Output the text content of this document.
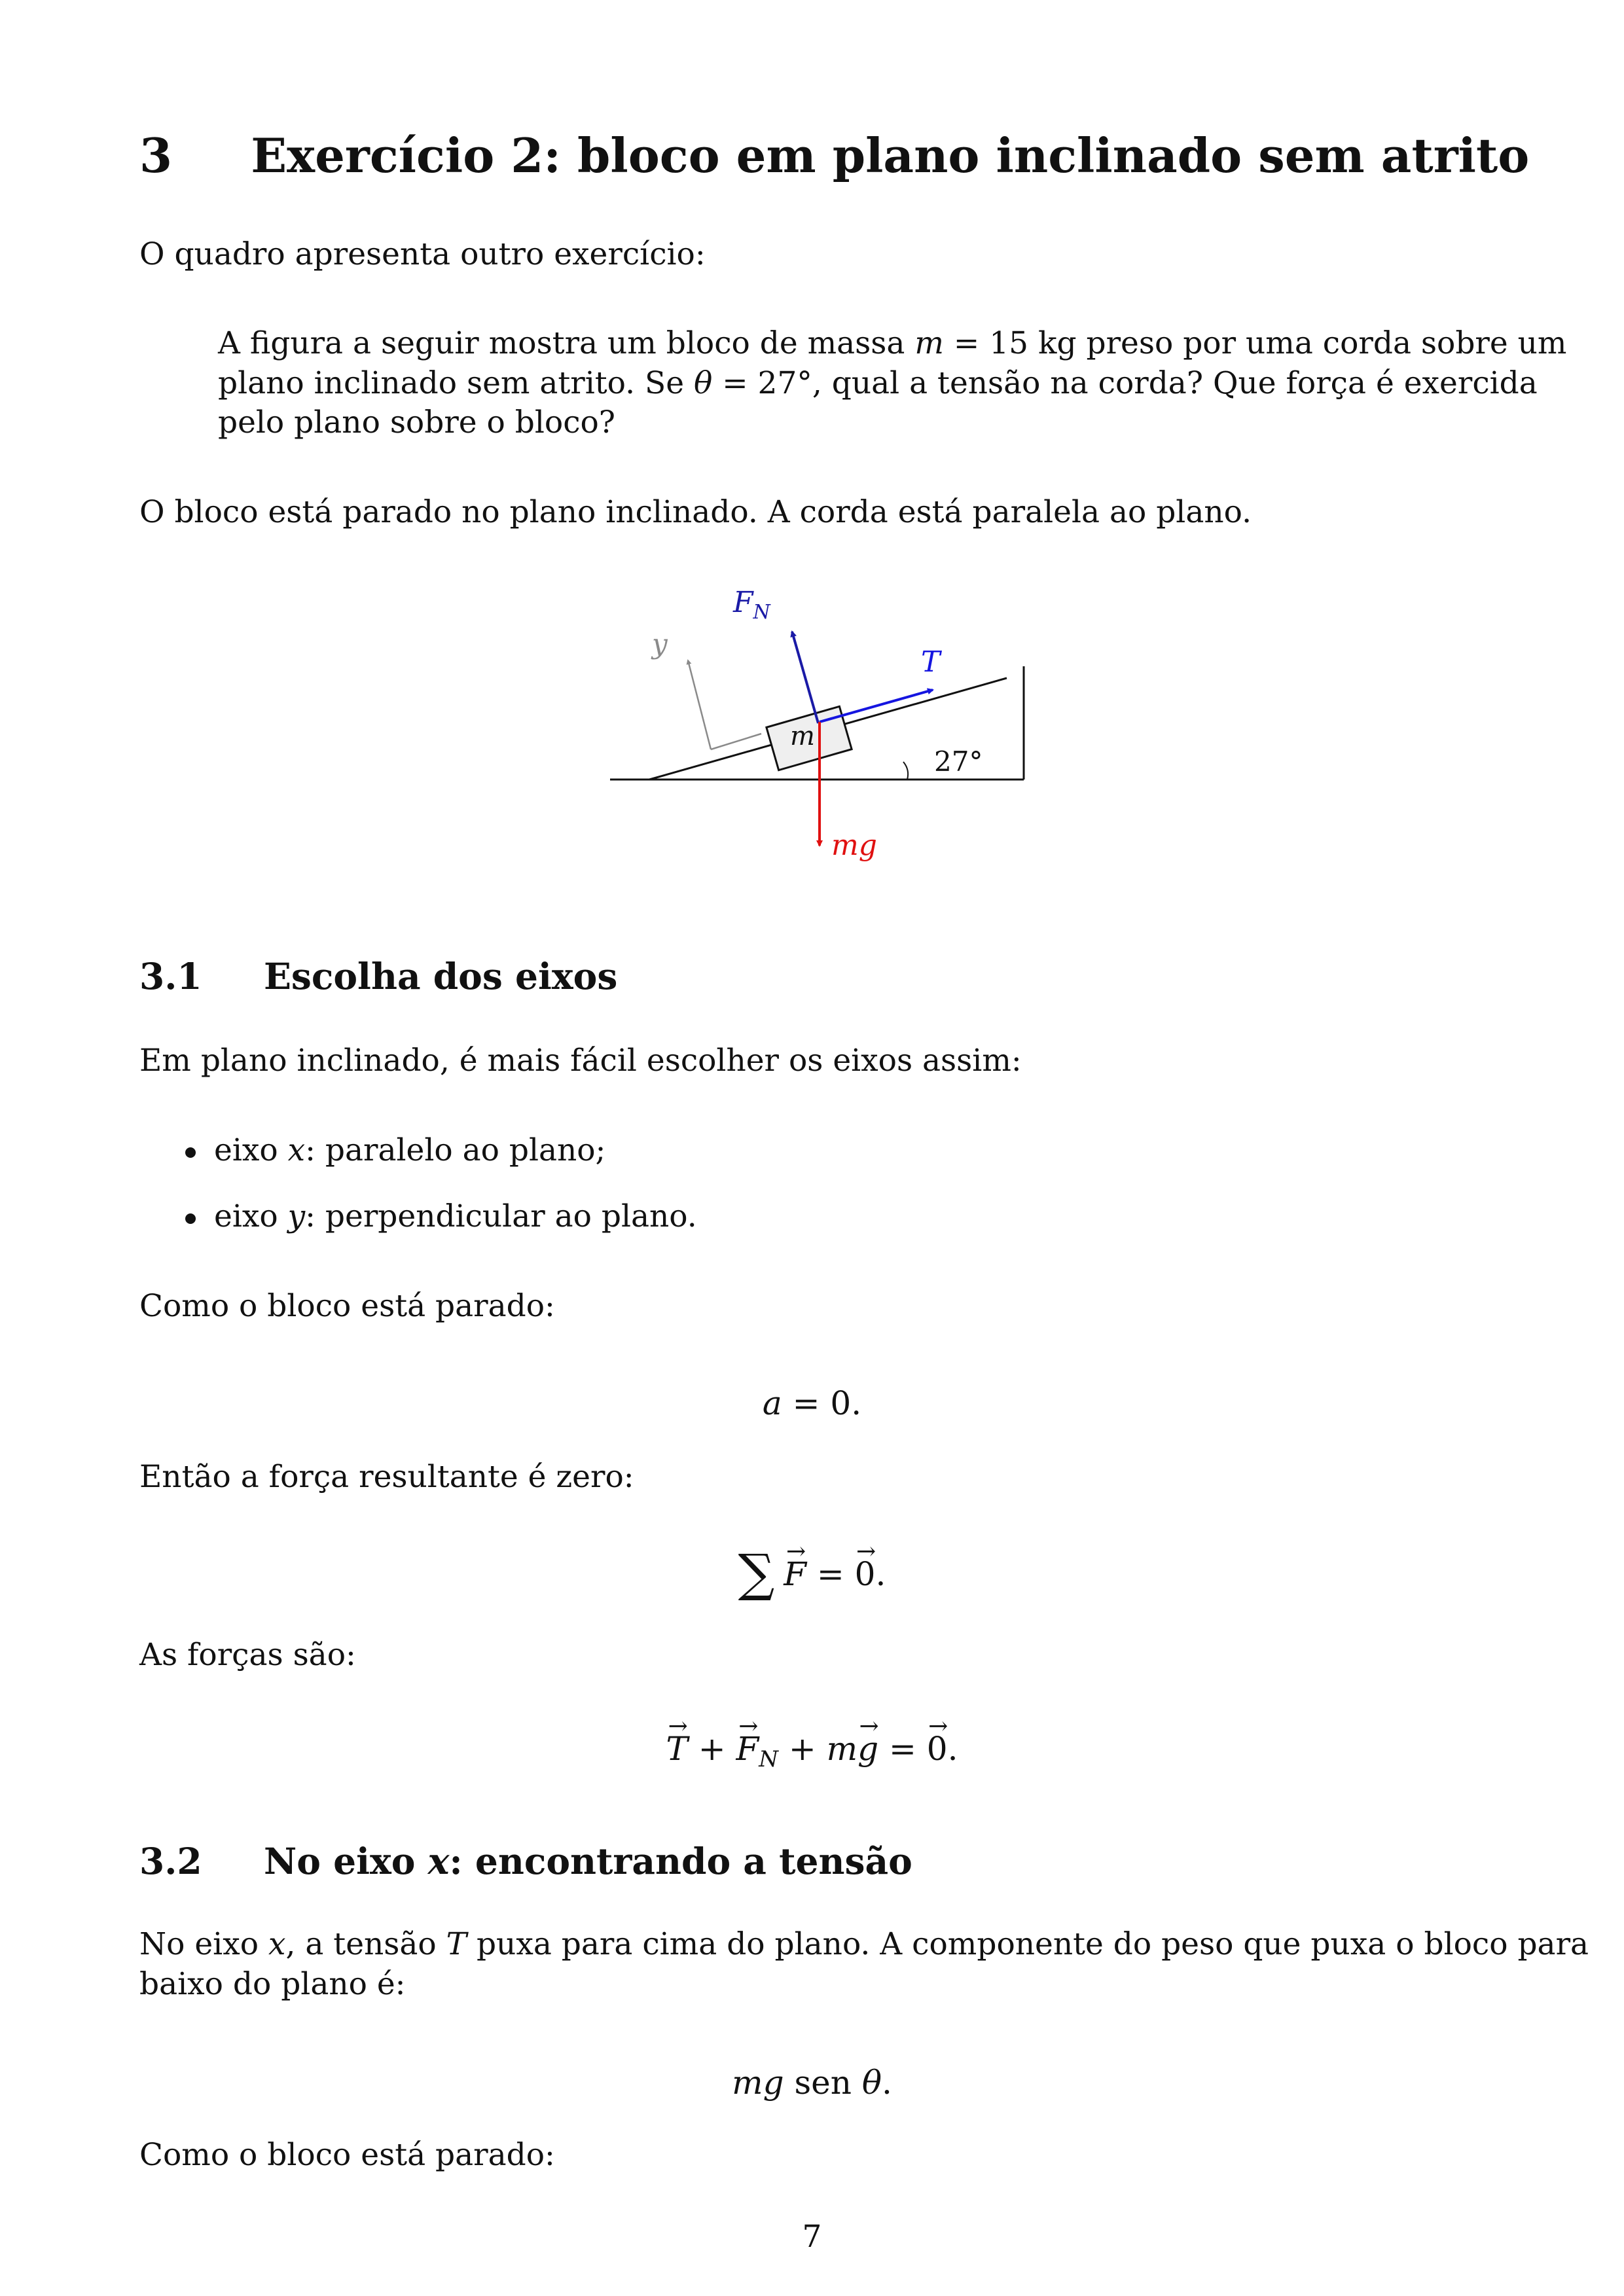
3 Exercício 2: bloco em plano inclinado sem atrito
O quadro apresenta outro exercício:
A figura a seguir mostra um bloco de massa m = 15 kg preso por uma corda sobre um
plano inclinado sem atrito. Se θ = 27°, qual a tensão na corda? Que força é exercida
pelo plano sobre o bloco?
O bloco está parado no plano inclinado. A corda está paralela ao plano.
27°
y
m
$F_N$
T
mg
3.1 Escolha dos eixos
Em plano inclinado, é mais fácil escolher os eixos assim:
eixo x: paralelo ao plano;
eixo y: perpendicular ao plano.
Como o bloco está parado:
a = 0.
Então a força resultante é zero:
∑→ F = → 0.
As forças são:
→ T + → $F_N + m\to g$ = → 0.
3.2 No eixo x: encontrando a tensão
No eixo x, a tensão T puxa para cima do plano. A componente do peso que puxa o bloco para
baixo do plano é:
mg sen θ.
Como o bloco está parado:
7
